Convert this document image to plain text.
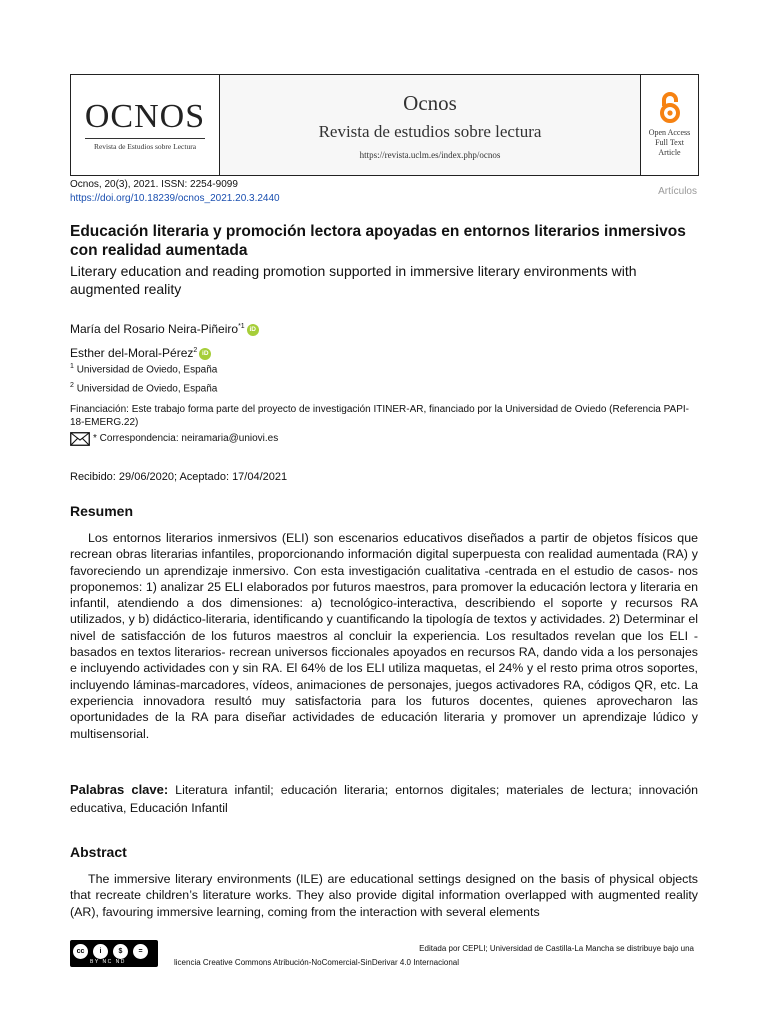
OCNOS
Revista de Estudios sobre Lectura
Ocnos
Revista de estudios sobre lectura
https://revista.uclm.es/index.php/ocnos
Open Access
Full Text
Article
Ocnos, 20(3), 2021. ISSN: 2254-9099
https://doi.org/10.18239/ocnos_2021.20.3.2440
Artículos
Educación literaria y promoción lectora apoyadas en entornos literarios inmersivos con realidad aumentada
Literary education and reading promotion supported in immersive literary environments with augmented reality
María del Rosario Neira-Piñeiro$^{*1}$ iD
Esther del-Moral-Pérez$^2$ iD
$^1$ Universidad de Oviedo, España
$^2$ Universidad de Oviedo, España
Financiación: Este trabajo forma parte del proyecto de investigación ITINER-AR, financiado por la Universidad de Oviedo (Referencia PAPI-18-EMERG.22)
* Correspondencia: neiramaria@uniovi.es
Recibido: 29/06/2020; Aceptado: 17/04/2021
Resumen

Los entornos literarios inmersivos (ELI) son escenarios educativos diseñados a partir de objetos físicos que recrean obras literarias infantiles, proporcionando información digital superpuesta con realidad aumentada (RA) y favoreciendo un aprendizaje inmersivo. Con esta investigación cualitativa -centrada en el estudio de casos- nos proponemos: 1) analizar 25 ELI elaborados por futuros maestros, para promover la educación lectora y literaria en infantil, atendiendo a dos dimensiones: a) tecnológico-interactiva, describiendo el soporte y recursos RA utilizados, y b) didáctico-literaria, identificando y cuantificando la tipología de textos y actividades. 2) Determinar el nivel de satisfacción de los futuros maestros al concluir la experiencia. Los resultados revelan que los ELI -basados en textos literarios- recrean universos ficcionales apoyados en recursos RA, dando vida a los personajes e incluyendo actividades con y sin RA. El 64% de los ELI utiliza maquetas, el 24% y el resto prima otros soportes, incluyendo láminas-marcadores, vídeos, animaciones de personajes, juegos activadores RA, códigos QR, etc. La experiencia innovadora resultó muy satisfactoria para los futuros docentes, quienes aprovecharon las oportunidades de la RA para diseñar actividades de educación literaria y promover un aprendizaje lúdico y multisensorial.

Palabras clave: Literatura infantil; educación literaria; entornos digitales; materiales de lectura; innovación educativa, Educación Infantil
Abstract

The immersive literary environments (ILE) are educational settings designed on the basis of physical objects that recreate children’s literature works. They also provide digital information overlapped with augmented reality (AR), favouring immersive learning, coming from the interaction with several elements

cc	i	$	=
BY NC ND
Editada por CEPLI; Universidad de Castilla-La Mancha se distribuye bajo una
licencia Creative Commons Atribución-NoComercial-SinDerivar 4.0 Internacional
